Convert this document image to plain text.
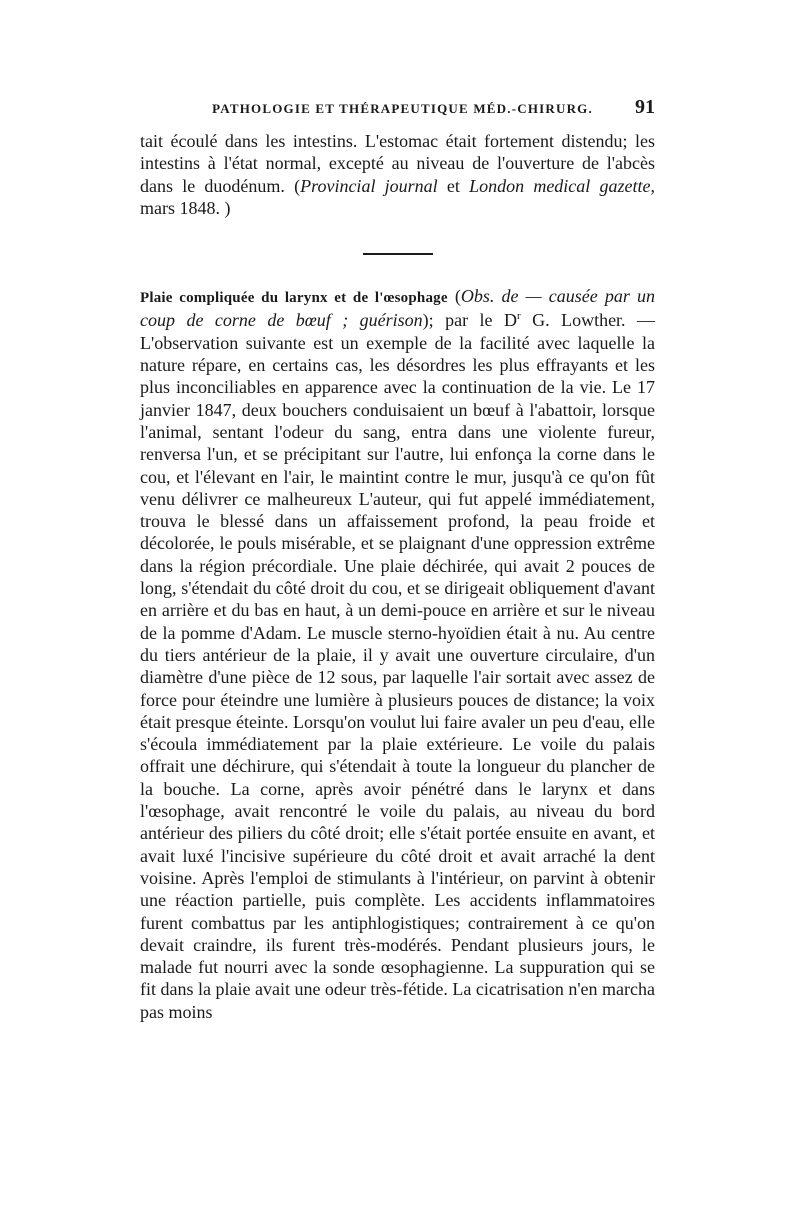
PATHOLOGIE ET THÉRAPEUTIQUE MÉD.-CHIRURG.	91

tait écoulé dans les intestins. L'estomac était fortement distendu; les intestins à l'état normal, excepté au niveau de l'ouverture de l'abcès dans le duodénum. (Provincial journal et London medical gazette, mars 1848. )

Plaie compliquée du larynx et de l'œsophage (Obs. de — causée par un coup de corne de bœuf ; guérison); par le $D^r$ G. Lowther. — L'observation suivante est un exemple de la facilité avec laquelle la nature répare, en certains cas, les désordres les plus effrayants et les plus inconciliables en apparence avec la continuation de la vie. Le 17 janvier 1847, deux bouchers conduisaient un bœuf à l'abattoir, lorsque l'animal, sentant l'odeur du sang, entra dans une violente fureur, renversa l'un, et se précipitant sur l'autre, lui enfonça la corne dans le cou, et l'élevant en l'air, le maintint contre le mur, jusqu'à ce qu'on fût venu délivrer ce malheureux L'auteur, qui fut appelé immédiatement, trouva le blessé dans un affaissement profond, la peau froide et décolorée, le pouls misérable, et se plaignant d'une oppression extrême dans la région précordiale. Une plaie déchirée, qui avait 2 pouces de long, s'étendait du côté droit du cou, et se dirigeait obliquement d'avant en arrière et du bas en haut, à un demi-pouce en arrière et sur le niveau de la pomme d'Adam. Le muscle sterno-hyoïdien était à nu. Au centre du tiers antérieur de la plaie, il y avait une ouverture circulaire, d'un diamètre d'une pièce de 12 sous, par laquelle l'air sortait avec assez de force pour éteindre une lumière à plusieurs pouces de distance; la voix était presque éteinte. Lorsqu'on voulut lui faire avaler un peu d'eau, elle s'écoula immédiatement par la plaie extérieure. Le voile du palais offrait une déchirure, qui s'étendait à toute la longueur du plancher de la bouche. La corne, après avoir pénétré dans le larynx et dans l'œsophage, avait rencontré le voile du palais, au niveau du bord antérieur des piliers du côté droit; elle s'était portée ensuite en avant, et avait luxé l'incisive supérieure du côté droit et avait arraché la dent voisine. Après l'emploi de stimulants à l'intérieur, on parvint à obtenir une réaction partielle, puis complète. Les accidents inflammatoires furent combattus par les antiphlogistiques; contrairement à ce qu'on devait craindre, ils furent très-modérés. Pendant plusieurs jours, le malade fut nourri avec la sonde œsophagienne. La suppuration qui se fit dans la plaie avait une odeur très-fétide. La cicatrisation n'en marcha pas moins
